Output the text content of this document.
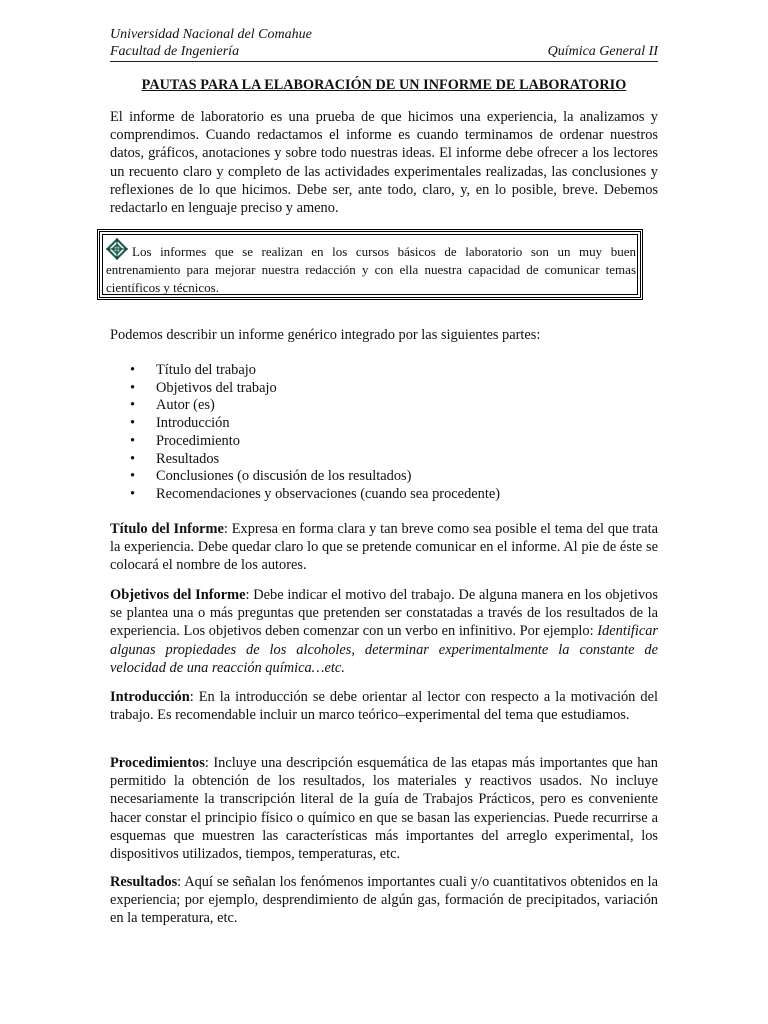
Universidad Nacional del Comahue
Facultad de Ingeniería	Química General II
PAUTAS PARA LA ELABORACIÓN DE UN INFORME DE LABORATORIO

El informe de laboratorio es una prueba de que hicimos una experiencia, la analizamos y comprendimos. Cuando redactamos el informe es cuando terminamos de ordenar nuestros datos, gráficos, anotaciones y sobre todo nuestras ideas. El informe debe ofrecer a los lectores un recuento claro y completo de las actividades experimentales realizadas, las conclusiones y reflexiones de lo que hicimos. Debe ser, ante todo, claro, y, en lo posible, breve. Debemos redactarlo en lenguaje preciso y ameno.

Los informes que se realizan en los cursos básicos de laboratorio son un muy buen entrenamiento para mejorar nuestra redacción y con ella nuestra capacidad de comunicar temas científicos y técnicos.

Podemos describir un informe genérico integrado por las siguientes partes:

• Título del trabajo
• Objetivos del trabajo
• Autor (es)
• Introducción
• Procedimiento
• Resultados
• Conclusiones (o discusión de los resultados)
• Recomendaciones y observaciones (cuando sea procedente)

Título del Informe: Expresa en forma clara y tan breve como sea posible el tema del que trata la experiencia. Debe quedar claro lo que se pretende comunicar en el informe. Al pie de éste se colocará el nombre de los autores.

Objetivos del Informe: Debe indicar el motivo del trabajo. De alguna manera en los objetivos se plantea una o más preguntas que pretenden ser constatadas a través de los resultados de la experiencia. Los objetivos deben comenzar con un verbo en infinitivo. Por ejemplo: Identificar algunas propiedades de los alcoholes, determinar experimentalmente la constante de velocidad de una reacción química…etc.

Introducción: En la introducción se debe orientar al lector con respecto a la motivación del trabajo. Es recomendable incluir un marco teórico–experimental del tema que estudiamos.

Procedimientos: Incluye una descripción esquemática de las etapas más importantes que han permitido la obtención de los resultados, los materiales y reactivos usados. No incluye necesariamente la transcripción literal de la guía de Trabajos Prácticos, pero es conveniente hacer constar el principio físico o químico en que se basan las experiencias. Puede recurrirse a esquemas que muestren las características más importantes del arreglo experimental, los dispositivos utilizados, tiempos, temperaturas, etc.

Resultados: Aquí se señalan los fenómenos importantes cuali y/o cuantitativos obtenidos en la experiencia; por ejemplo, desprendimiento de algún gas, formación de precipitados, variación en la temperatura, etc.
